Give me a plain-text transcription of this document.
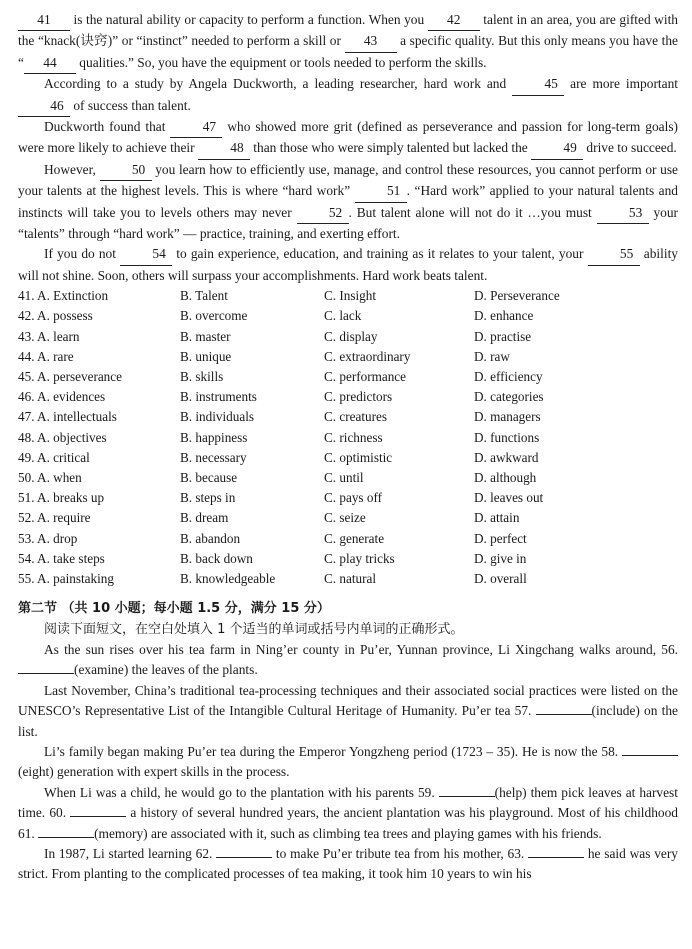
41 is the natural ability or capacity to perform a function. When you 42 talent in an area, you are gifted with the “knack(诀窍)” or “instinct” needed to perform a skill or 43 a specific quality. But this only means you have the “ 44 qualities.” So, you have the equipment or tools needed to perform the skills.

According to a study by Angela Duckworth, a leading researcher, hard work and 45 are more important 46 of success than talent.

Duckworth found that 47 who showed more grit (defined as perseverance and passion for long-term goals) were more likely to achieve their 48 than those who were simply talented but lacked the 49 drive to succeed.

However, 50 you learn how to efficiently use, manage, and control these resources, you cannot perform or use your talents at the highest levels. This is where “hard work” 51 . “Hard work” applied to your natural talents and instincts will take you to levels others may never 52 . But talent alone will not do it …you must 53 your “talents” through “hard work” — practice, training, and exerting effort.

If you do not 54 to gain experience, education, and training as it relates to your talent, your 55 ability will not shine. Soon, others will surpass your accomplishments. Hard work beats talent.

41. A. Extinction	B. Talent	C. Insight	D. Perseverance
42. A. possess	B. overcome	C. lack	D. enhance
43. A. learn	B. master	C. display	D. practise
44. A. rare	B. unique	C. extraordinary	D. raw
45. A. perseverance	B. skills	C. performance	D. efficiency
46. A. evidences	B. instruments	C. predictors	D. categories
47. A. intellectuals	B. individuals	C. creatures	D. managers
48. A. objectives	B. happiness	C. richness	D. functions
49. A. critical	B. necessary	C. optimistic	D. awkward
50. A. when	B. because	C. until	D. although
51. A. breaks up	B. steps in	C. pays off	D. leaves out
52. A. require	B. dream	C. seize	D. attain
53. A. drop	B. abandon	C. generate	D. perfect
54. A. take steps	B. back down	C. play tricks	D. give in
55. A. painstaking	B. knowledgeable	C. natural	D. overall
第二节 （共 10 小题；每小题 1.5 分，满分 15 分）
阅读下面短文，在空白处填入 1 个适当的单词或括号内单词的正确形式。

As the sun rises over his tea farm in Ning’er county in Pu’er, Yunnan province, Li Xingchang walks around, 56. (examine) the leaves of the plants.

Last November, China’s traditional tea-processing techniques and their associated social practices were listed on the UNESCO’s Representative List of the Intangible Cultural Heritage of Humanity. Pu’er tea 57.	(include) on the list.

Li’s family began making Pu’er tea during the Emperor Yongzheng period (1723 – 35). He is now the 58. (eight) generation with expert skills in the process.

When Li was a child, he would go to the plantation with his parents 59.	(help) them pick leaves at harvest time. 60.	a history of several hundred years, the ancient plantation was his playground. Most of his childhood 61.	(memory) are associated with it, such as climbing tea trees and playing games with his friends.

In 1987, Li started learning 62.	to make Pu’er tribute tea from his mother, 63.	he said was very strict. From planting to the complicated processes of tea making, it took him 10 years to win his
